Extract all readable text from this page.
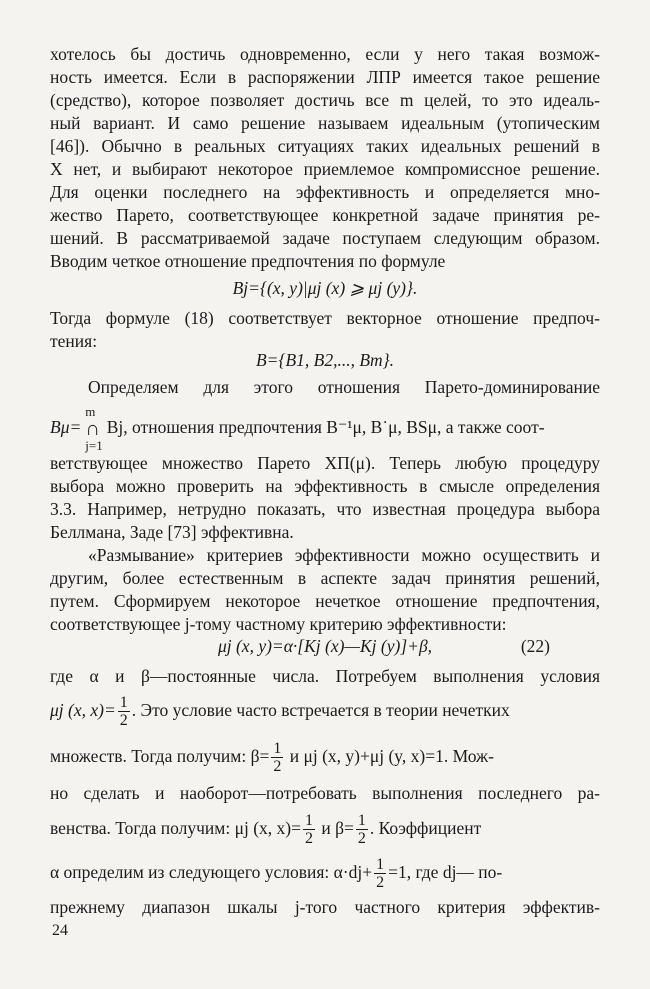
хотелось бы достичь одновременно, если у него такая возмож-
ность имеется. Если в распоряжении ЛПР имеется такое решение
(средство), которое позволяет достичь все m целей, то это идеаль-
ный вариант. И само решение называем идеальным (утопическим
[46]). Обычно в реальных ситуациях таких идеальных решений в
X нет, и выбирают некоторое приемлемое компромиссное решение.
Для оценки последнего на эффективность и определяется мно-
жество Парето, соответствующее конкретной задаче принятия ре-
шений. В рассматриваемой задаче поступаем следующим образом.
Вводим четкое отношение предпочтения по формуле
Bj={(x, y)|μj (x) ⩾ μj (y)}.
Тогда формуле (18) соответствует векторное отношение предпоч-
тения:
B={B1, B2,..., Bm}.
Определяем для этого отношения Парето-доминирование
Bμ=
m
∩
j=1
Bj, отношения предпочтения B⁻¹μ, B˙μ, BSμ, а также соот-
ветствующее множество Парето XП(μ). Теперь любую процедуру
выбора можно проверить на эффективность в смысле определения
3.3. Например, нетрудно показать, что известная процедура выбора
Беллмана, Заде [73] эффективна.
«Размывание» критериев эффективности можно осуществить и
другим, более естественным в аспекте задач принятия решений,
путем. Сформируем некоторое нечеткое отношение предпочтения,
соответствующее j-тому частному критерию эффективности:
μj (x, y)=α·[Kj (x)—Kj (y)]+β,	(22)
где α и β—постоянные числа. Потребуем выполнения условия
μj (x, $x)= \frac{1}{2}$ . Это условие часто встречается в теории нечетких
множеств. Тогда получим: $\beta= \frac{1}{2}$ и μj (x, y)+μj (y, x)=1. Мож-
но сделать и наоборот—потребовать выполнения последнего ра-
венства. Тогда получим: μj (x, $x)= \frac{1}{2}$ и $\beta= \frac{1}{2}$ . Коэффициент
α определим из следующего условия: $\alpha\cdot dj+ \frac{1}{2} =1$, где dj— по-
прежнему диапазон шкалы j-того частного критерия эффектив-
24
